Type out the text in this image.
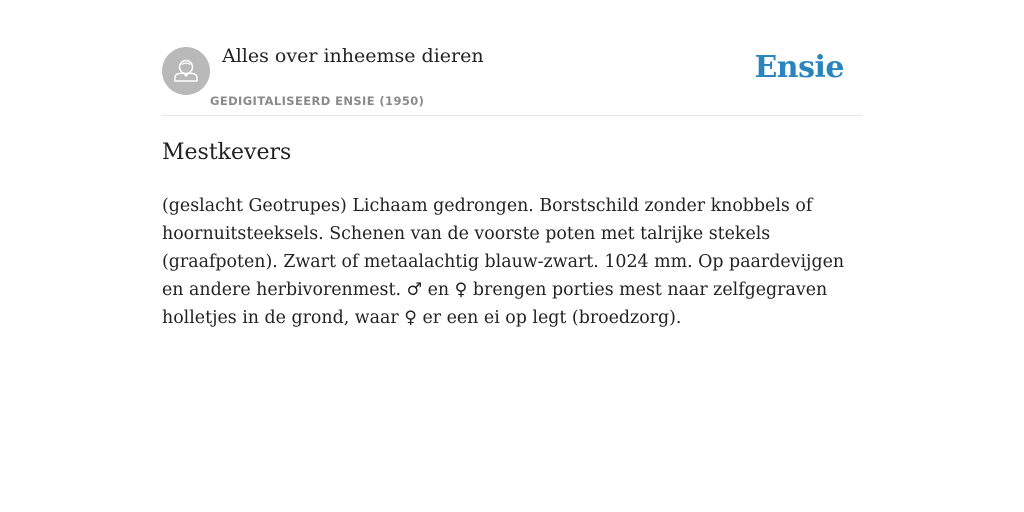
Alles over inheemse dieren
GEDIGITALISEERD ENSIE (1950)
Ensie
Mestkevers

(geslacht Geotrupes) Lichaam gedrongen. Borstschild zonder knobbels of hoornuitsteeksels. Schenen van de voorste poten met talrijke stekels (graafpoten). Zwart of metaalachtig blauw-zwart. 1024 mm. Op paardevijgen en andere herbivorenmest. ♂ en ♀ brengen porties mest naar zelfgegraven holletjes in de grond, waar ♀ er een ei op legt (broedzorg).
